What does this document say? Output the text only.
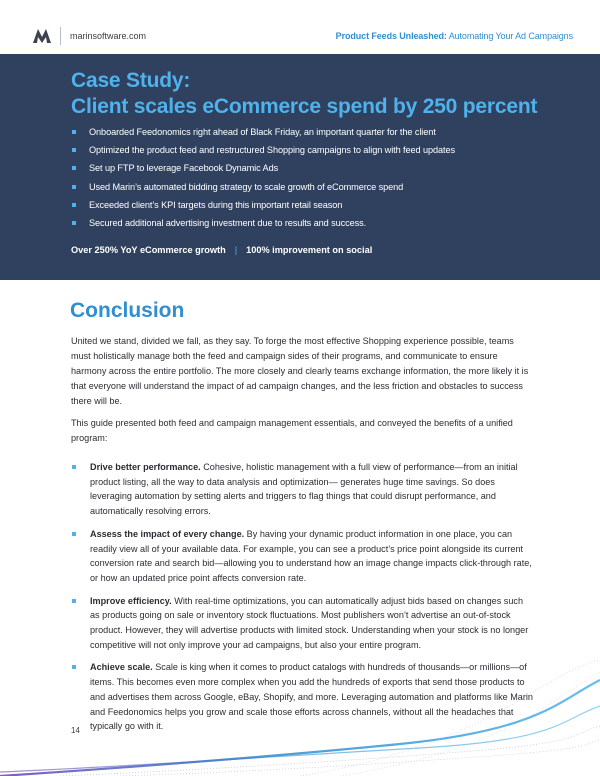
marinsoftware.com	Product Feeds Unleashed: Automating Your Ad Campaigns
Case Study:
Client scales eCommerce spend by 250 percent
Onboarded Feedonomics right ahead of Black Friday, an important quarter for the client
Optimized the product feed and restructured Shopping campaigns to align with feed updates
Set up FTP to leverage Facebook Dynamic Ads
Used Marin’s automated bidding strategy to scale growth of eCommerce spend
Exceeded client’s KPI targets during this important retail season
Secured additional advertising investment due to results and success.
Over 250% YoY eCommerce growth | 100% improvement on social
Conclusion
United we stand, divided we fall, as they say. To forge the most effective Shopping experience possible, teams must holistically manage both the feed and campaign sides of their programs, and communicate to ensure harmony across the entire portfolio. The more closely and clearly teams exchange information, the more likely it is that everyone will understand the impact of ad campaign changes, and the less friction and obstacles to success there will be.
This guide presented both feed and campaign management essentials, and conveyed the benefits of a unified program:
Drive better performance. Cohesive, holistic management with a full view of performance—from an initial product listing, all the way to data analysis and optimization— generates huge time savings. So does leveraging automation by setting alerts and triggers to flag things that could disrupt performance, and automatically resolving errors.
Assess the impact of every change. By having your dynamic product information in one place, you can readily view all of your available data. For example, you can see a product’s price point alongside its current conversion rate and search bid—allowing you to understand how an image change impacts click-through rate, or how an updated price point affects conversion rate.
Improve efficiency. With real-time optimizations, you can automatically adjust bids based on changes such as products going on sale or inventory stock fluctuations. Most publishers won’t advertise an out-of-stock product. However, they will advertise products with limited stock. Understanding when your stock is no longer competitive will not only improve your ad campaigns, but also your entire program.
Achieve scale. Scale is king when it comes to product catalogs with hundreds of thousands—or millions—of items. This becomes even more complex when you add the hundreds of exports that send those products to and advertises them across Google, eBay, Shopify, and more. Leveraging automation and platforms like Marin and Feedonomics helps you grow and scale those efforts across channels, without all the headaches that typically go with it.
14
